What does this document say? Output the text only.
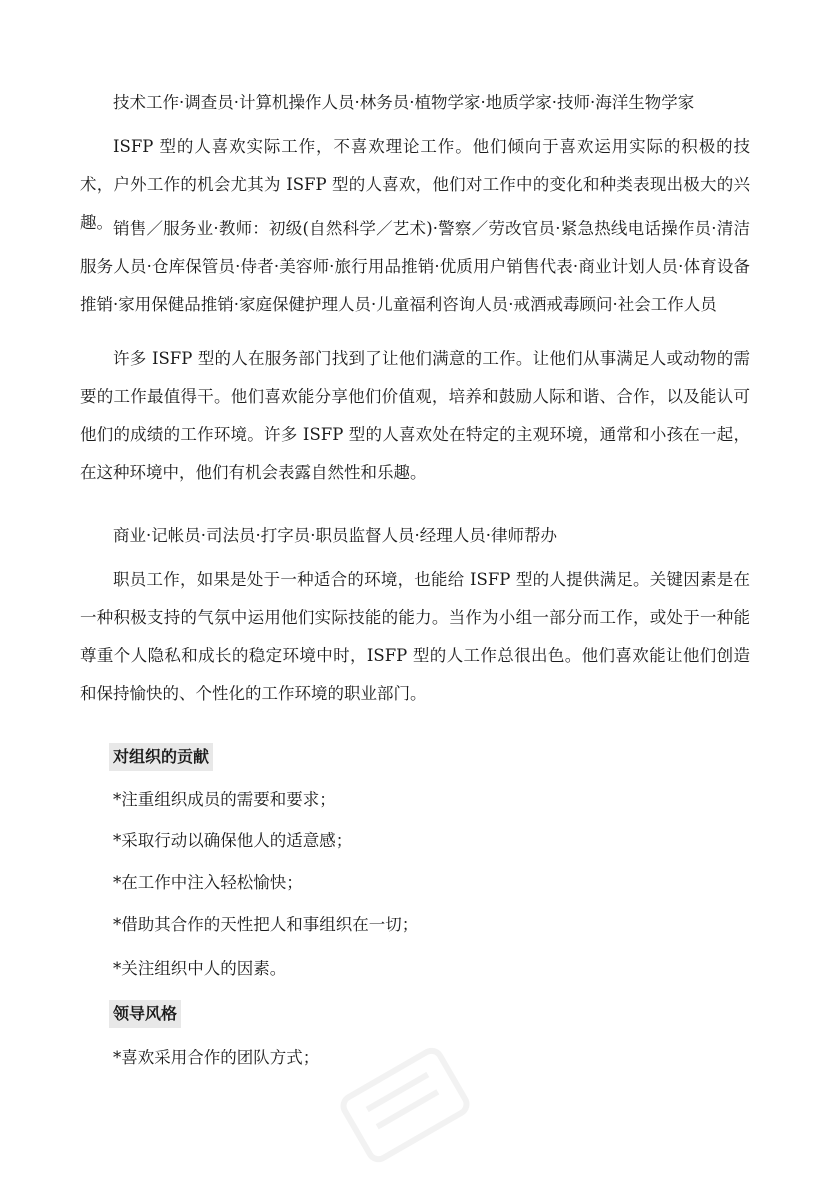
技术工作·调查员·计算机操作人员·林务员·植物学家·地质学家·技师·海洋生物学家

ISFP 型的人喜欢实际工作，不喜欢理论工作。他们倾向于喜欢运用实际的积极的技术，户外工作的机会尤其为 ISFP 型的人喜欢，他们对工作中的变化和种类表现出极大的兴趣。 销售／服务业·教师：初级(自然科学／艺术)·警察／劳改官员·紧急热线电话操作员·清洁服务人员·仓库保管员·侍者·美容师·旅行用品推销·优质用户销售代表·商业计划人员·体育设备推销·家用保健品推销·家庭保健护理人员·儿童福利咨询人员·戒酒戒毒顾问·社会工作人员

许多 ISFP 型的人在服务部门找到了让他们满意的工作。让他们从事满足人或动物的需要的工作最值得干。他们喜欢能分享他们价值观，培养和鼓励人际和谐、合作，以及能认可他们的成绩的工作环境。许多 ISFP 型的人喜欢处在特定的主观环境，通常和小孩在一起，在这种环境中，他们有机会表露自然性和乐趣。

商业·记帐员·司法员·打字员·职员监督人员·经理人员·律师帮办

职员工作，如果是处于一种适合的环境，也能给 ISFP 型的人提供满足。关键因素是在一种积极支持的气氛中运用他们实际技能的能力。当作为小组一部分而工作，或处于一种能尊重个人隐私和成长的稳定环境中时，ISFP 型的人工作总很出色。他们喜欢能让他们创造和保持愉快的、个性化的工作环境的职业部门。

对组织的贡献

*注重组织成员的需要和要求；

*采取行动以确保他人的适意感；

*在工作中注入轻松愉快；

*借助其合作的天性把人和事组织在一切；

*关注组织中人的因素。

领导风格

*喜欢采用合作的团队方式；
